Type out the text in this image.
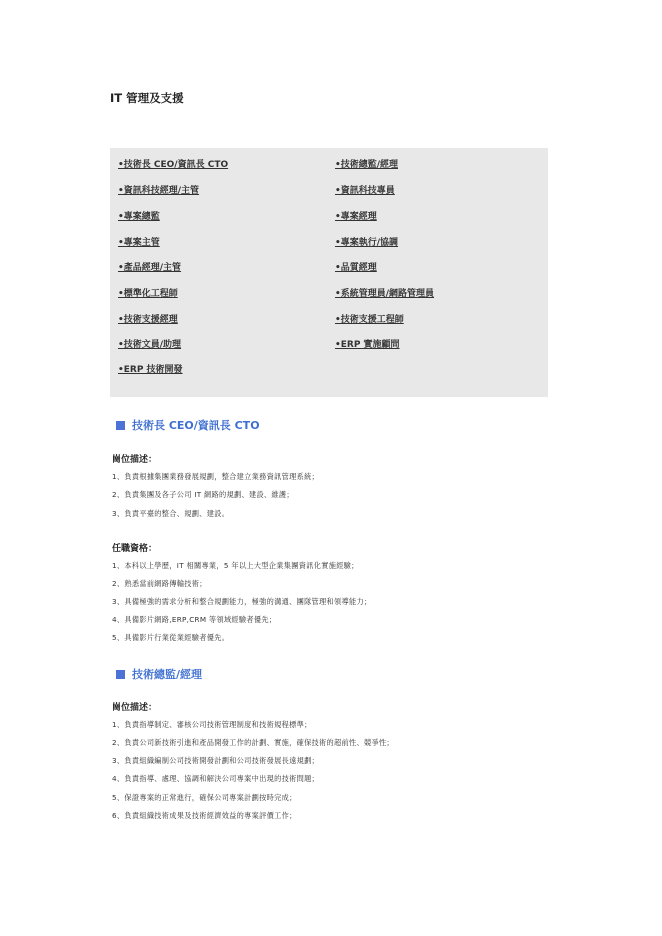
IT 管理及支援
•技術長 CEO/資訊長 CTO
•資訊科技經理/主管
•專案總監
•專案主管
•產品經理/主管
•標準化工程師
•技術支援經理
•技術文員/助理
•ERP 技術開發
•技術總監/經理
•資訊科技專員
•專案經理
•專案執行/協調
•品質經理
•系統管理員/網路管理員
•技術支援工程師
•ERP 實施顧問
技術長 CEO/資訊長 CTO
崗位描述：
1、負責根據集團業務發展規劃，整合建立業務資訊管理系統；
2、負責集團及各子公司 IT 網路的規劃、建設、維護；
3、負責平臺的整合、規劃、建設。
任職資格：
1、本科以上學歷，IT 相關專業，5 年以上大型企業集團資訊化實施經驗；
2、熟悉當前網路傳輸技術；
3、具備極強的需求分析和整合規劃能力，極強的溝通、團隊管理和領導能力；
4、具備影片網路,ERP,CRM 等領域經驗者優先；
5、具備影片行業從業經驗者優先。
技術總監/經理
崗位描述：
1、負責指導制定、審核公司技術管理制度和技術規程標準；
2、負責公司新技術引進和產品開發工作的計劃、實施，確保技術的超前性、競爭性；
3、負責組織編制公司技術開發計劃和公司技術發展長遠規劃；
4、負責指導、處理、協調和解決公司專案中出現的技術問題；
5、保證專案的正常進行，確保公司專案計劃按時完成；
6、負責組織技術成果及技術經濟效益的專案評價工作；
